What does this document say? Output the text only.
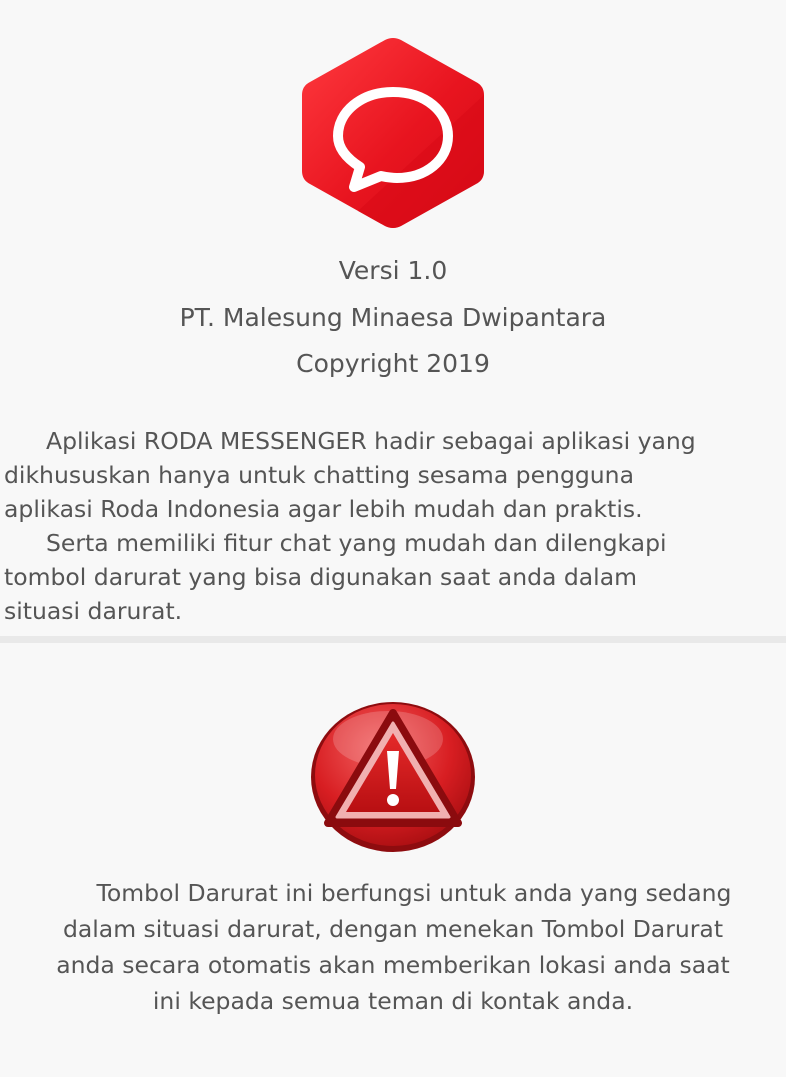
Versi 1.0
PT. Malesung Minaesa Dwipantara
Copyright 2019

Aplikasi RODA MESSENGER hadir sebagai aplikasi yang

dikhususkan hanya untuk chatting sesama pengguna
aplikasi Roda Indonesia agar lebih mudah dan praktis.

Serta memiliki fitur chat yang mudah dan dilengkapi

tombol darurat yang bisa digunakan saat anda dalam
situasi darurat.

Tombol Darurat ini berfungsi untuk anda yang sedang

dalam situasi darurat, dengan menekan Tombol Darurat

anda secara otomatis akan memberikan lokasi anda saat

ini kepada semua teman di kontak anda.
